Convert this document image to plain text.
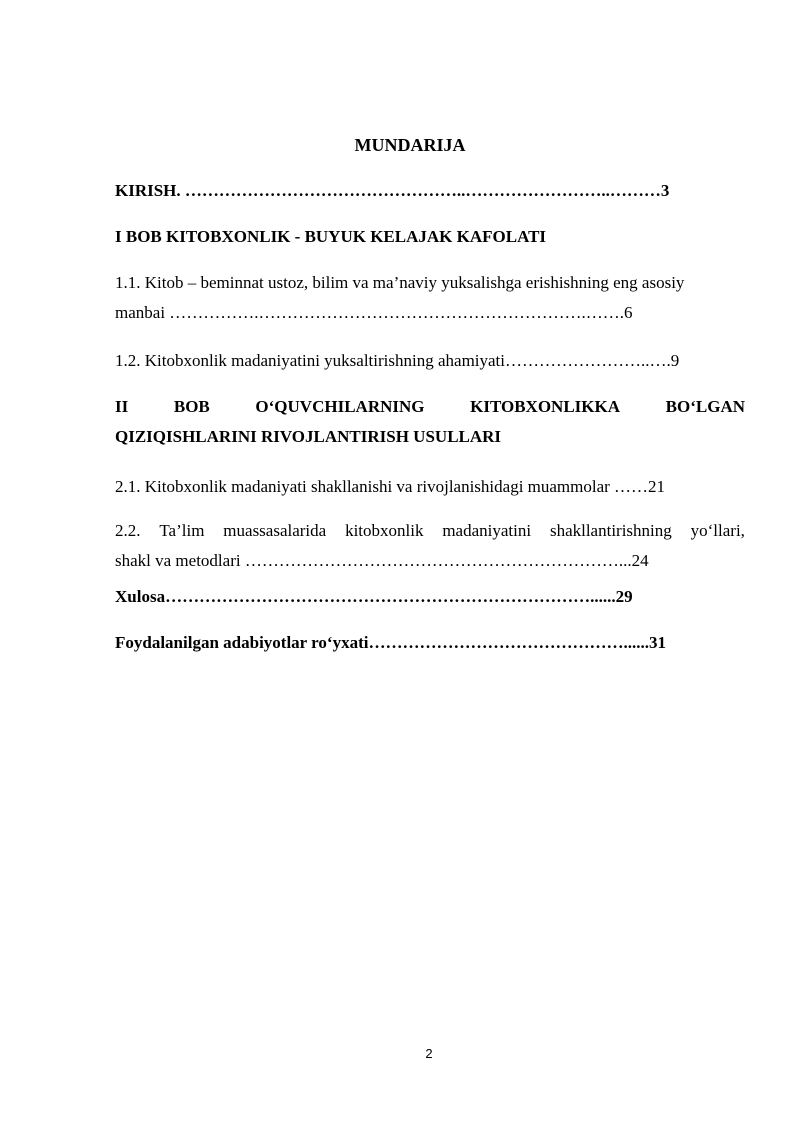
MUNDARIJA
KIRISH. …………………………………………..……………………..………3
I BOB KITOBXONLIK - BUYUK KELAJAK KAFOLATI
1.1. Kitob – beminnat ustoz, bilim va ma’naviy yuksalishga erishishning eng asosiy
manbai …………….………………………………………………….…….6
1.2. Kitobxonlik madaniyatini yuksaltirishning ahamiyati……………………..….9
II	BOB	O‘QUVCHILARNING	KITOBXONLIKKA	BO‘LGAN
QIZIQISHLARINI RIVOJLANTIRISH USULLARI
2.1. Kitobxonlik madaniyati shakllanishi va rivojlanishidagi muammolar ……21
2.2. Ta’lim muassasalarida kitobxonlik madaniyatini shakllantirishning yo‘llari,
shakl va metodlari …………………………………………………………...24
Xulosa…………………………………………………………………......29
Foydalanilgan adabiyotlar ro‘yxati………………………………………......31
2
